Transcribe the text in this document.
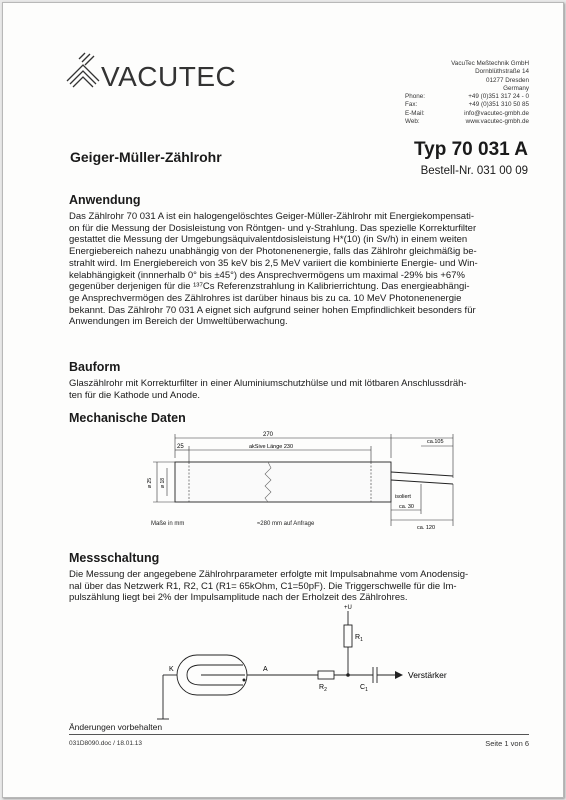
VACUTEC	VacuTec Meßtechnik GmbH
Dornblüthstraße 14
01277 Dresden
Germany
Phone:	+49 (0)351 317 24 - 0
Fax:	+49 (0)351 310 50 85
E-Mail:	info@vacutec-gmbh.de
Web:	www.vacutec-gmbh.de
Geiger-Müller-Zählrohr	Typ 70 031 A
Bestell-Nr. 031 00 09
Anwendung
Das Zählrohr 70 031 A ist ein halogengelöschtes Geiger-Müller-Zählrohr mit Energiekompensati-
on für die Messung der Dosisleistung von Röntgen- und γ-Strahlung. Das spezielle Korrekturfilter
gestattet die Messung der Umgebungsäquivalentdosisleistung H*(10) (in Sv/h) in einem weiten
Energiebereich nahezu unabhängig von der Photonenenergie, falls das Zählrohr gleichmäßig be-
strahlt wird. Im Energiebereich von 35 keV bis 2,5 MeV variiert die kombinierte Energie- und Win-
kelabhängigkeit (innnerhalb 0° bis ±45°) des Ansprechvermögens um maximal -29% bis +67%
gegenüber derjenigen für die ¹³⁷Cs Referenzstrahlung in Kalibrierrichtung. Das energieabhängi-
ge Ansprechvermögen des Zählrohres ist darüber hinaus bis zu ca. 10 MeV Photonenenergie
bekannt. Das Zählrohr 70 031 A eignet sich aufgrund seiner hohen Empfindlichkeit besonders für
Anwendungen im Bereich der Umweltüberwachung.
Bauform
Glaszählrohr mit Korrekturfilter in einer Aluminiumschutzhülse und mit lötbaren Anschlussdräh-
ten für die Kathode und Anode.
Mechanische Daten
270
ca.105
25	akSive Länge 230
ø 25 ø 18
isoliert
ca. 30
ca. 120
Maße in mm	≈280 mm auf Anfrage
Messschaltung
Die Messung der angegebene Zählrohrparameter erfolgte mit Impulsabnahme vom Anodensig-
nal über das Netzwerk R1, R2, C1 (R1= 65kOhm, C1=50pF). Die Triggerschwelle für die Im-
pulszählung liegt bei 2% der Impulsamplitude nach der Erholzeit des Zählrohres.
+U
$R_1$
$R_2$	$C_1$
K	A
Verstärker
Änderungen vorbehalten
031D8090.doc / 18.01.13	Seite 1 von 6
